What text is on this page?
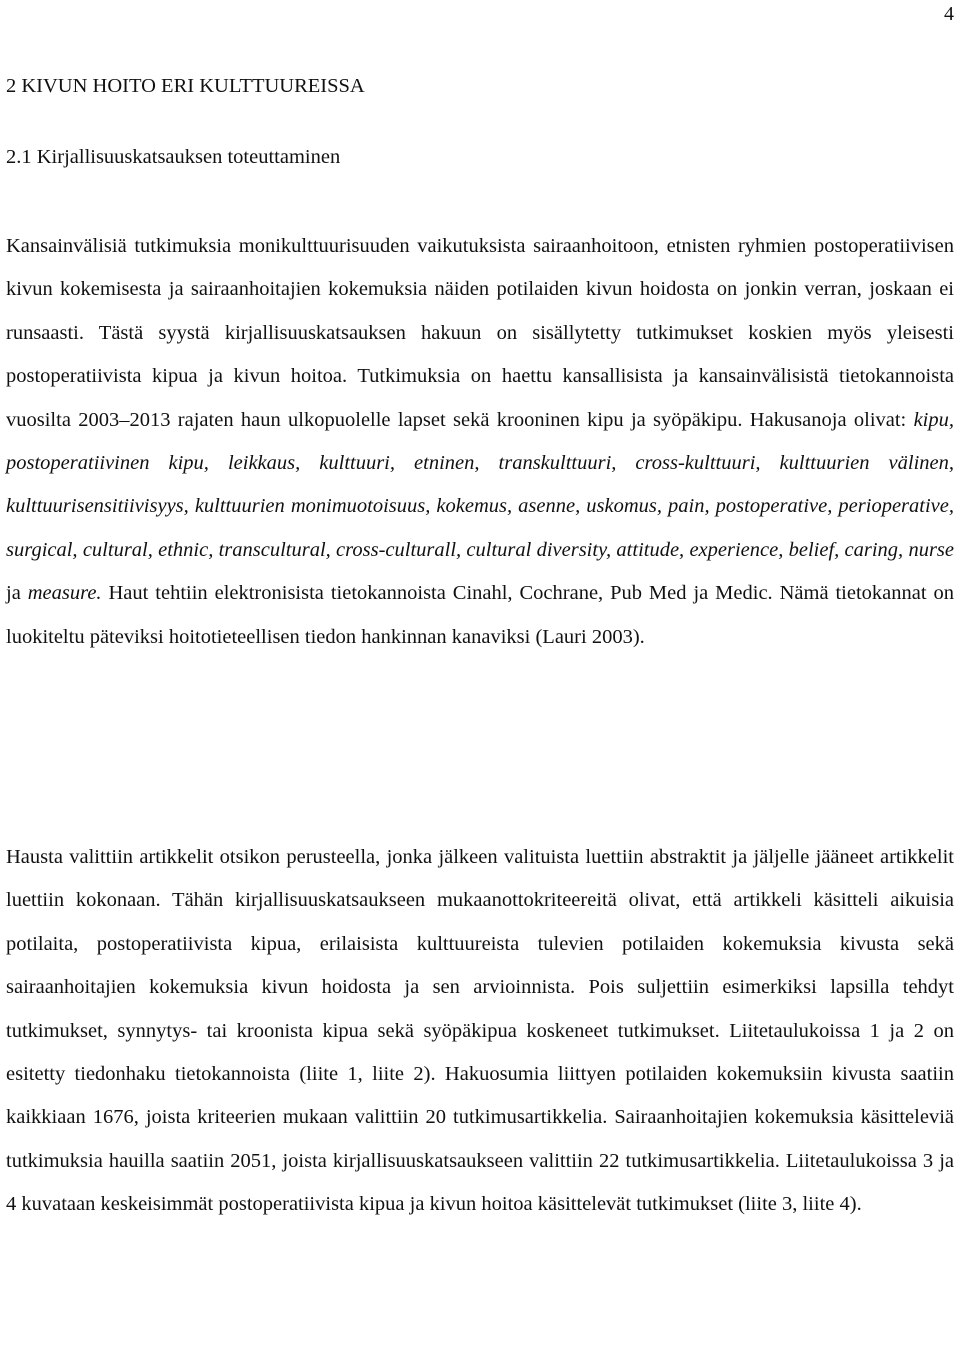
4
2 KIVUN HOITO ERI KULTTUUREISSA
2.1 Kirjallisuuskatsauksen toteuttaminen

Kansainvälisiä tutkimuksia monikulttuurisuuden vaikutuksista sairaanhoitoon, etnisten ryhmien postoperatiivisen kivun kokemisesta ja sairaanhoitajien kokemuksia näiden potilaiden kivun hoidosta on jonkin verran, joskaan ei runsaasti. Tästä syystä kirjallisuuskatsauksen hakuun on sisällytetty tutkimukset koskien myös yleisesti postoperatiivista kipua ja kivun hoitoa. Tutkimuksia on haettu kansallisista ja kansainvälisistä tietokannoista vuosilta 2003–2013 rajaten haun ulkopuolelle lapset sekä krooninen kipu ja syöpäkipu. Hakusanoja olivat: kipu, postoperatiivinen kipu, leikkaus, kulttuuri, etninen, transkulttuuri, cross-kulttuuri, kulttuurien välinen, kulttuurisensitiivisyys, kulttuurien monimuotoisuus, kokemus, asenne, uskomus, pain, postoperative, perioperative, surgical, cultural, ethnic, transcultural, cross-culturall, cultural diversity, attitude, experience, belief, caring, nurse ja measure. Haut tehtiin elektronisista tietokannoista Cinahl, Cochrane, Pub Med ja Medic. Nämä tietokannat on luokiteltu päteviksi hoitotieteellisen tiedon hankinnan kanaviksi (Lauri 2003).

Hausta valittiin artikkelit otsikon perusteella, jonka jälkeen valituista luettiin abstraktit ja jäljelle jääneet artikkelit luettiin kokonaan. Tähän kirjallisuuskatsaukseen mukaanottokriteereitä olivat, että artikkeli käsitteli aikuisia potilaita, postoperatiivista kipua, erilaisista kulttuureista tulevien potilaiden kokemuksia kivusta sekä sairaanhoitajien kokemuksia kivun hoidosta ja sen arvioinnista. Pois suljettiin esimerkiksi lapsilla tehdyt tutkimukset, synnytys- tai kroonista kipua sekä syöpäkipua koskeneet tutkimukset. Liitetaulukoissa 1 ja 2 on esitetty tiedonhaku tietokannoista (liite 1, liite 2). Hakuosumia liittyen potilaiden kokemuksiin kivusta saatiin kaikkiaan 1676, joista kriteerien mukaan valittiin 20 tutkimusartikkelia. Sairaanhoitajien kokemuksia käsitteleviä tutkimuksia hauilla saatiin 2051, joista kirjallisuuskatsaukseen valittiin 22 tutkimusartikkelia. Liitetaulukoissa 3 ja 4 kuvataan keskeisimmät postoperatiivista kipua ja kivun hoitoa käsittelevät tutkimukset (liite 3, liite 4).
